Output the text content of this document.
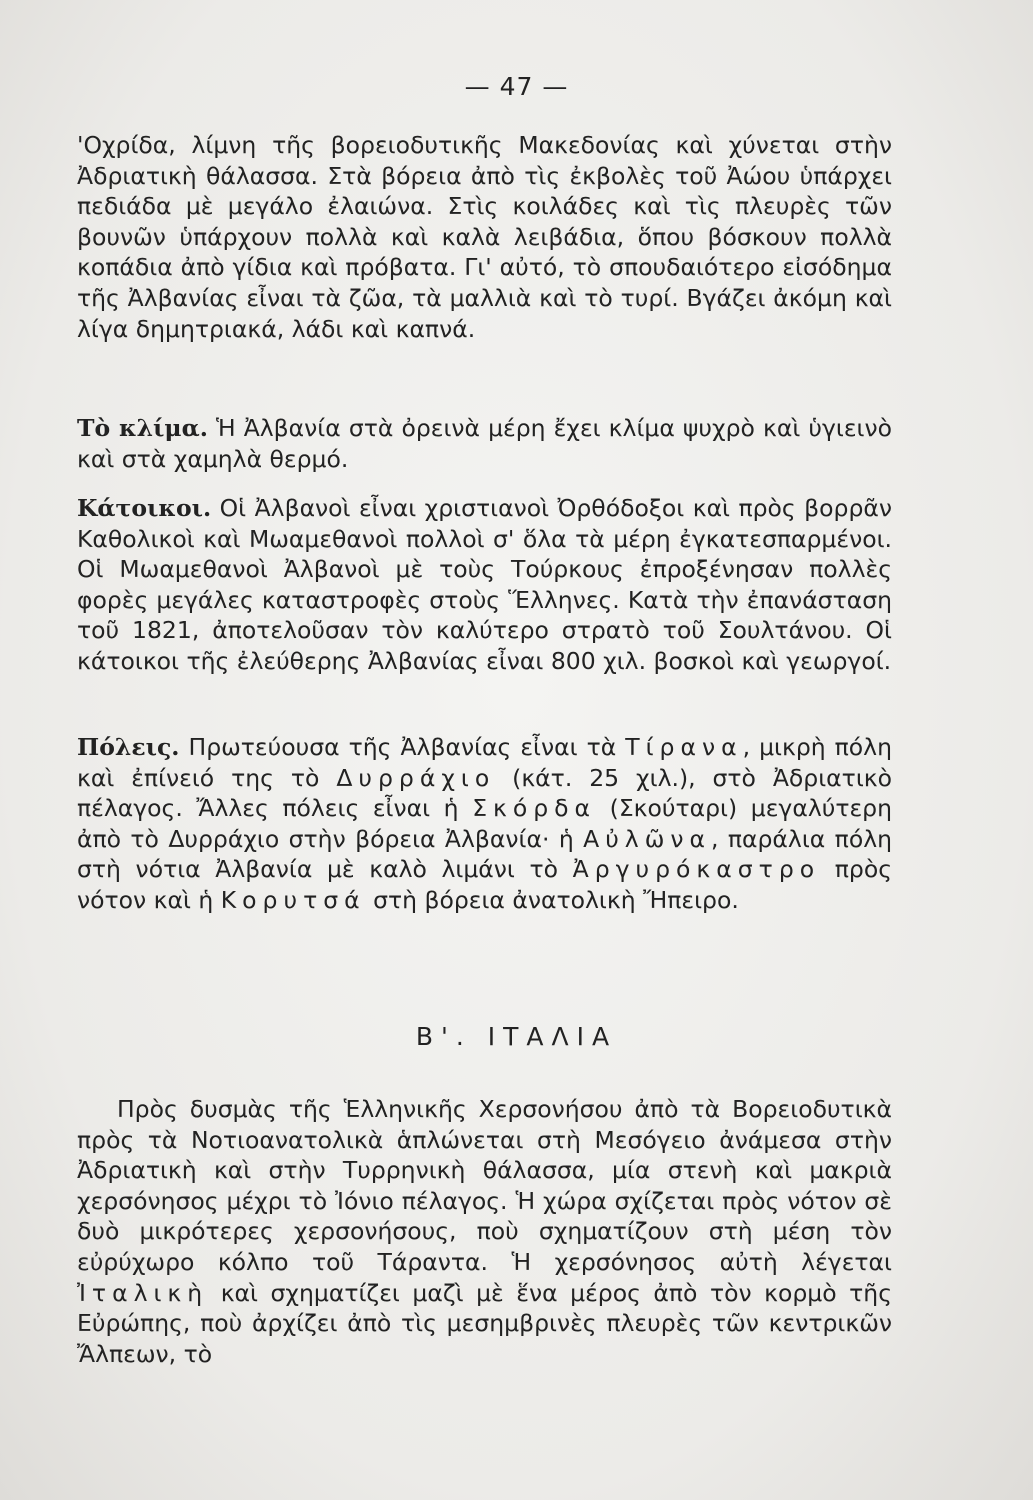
— 47 —

'Οχρίδα, λίμνη τῆς βορειοδυτικῆς Μακεδονίας καὶ χύνεται στὴν Ἀδριατικὴ θάλασσα. Στὰ βόρεια ἀπὸ τὶς ἐκβολὲς τοῦ Ἀώου ὑπάρχει πεδιάδα μὲ μεγάλο ἐλαιώνα. Στὶς κοιλάδες καὶ τὶς πλευρὲς τῶν βουνῶν ὑπάρχουν πολλὰ καὶ καλὰ λειβάδια, ὅπου βόσκουν πολλὰ κοπάδια ἀπὸ γίδια καὶ πρόβατα. Γι' αὐτό, τὸ σπουδαιότερο εἰσόδημα τῆς Ἀλβανίας εἶναι τὰ ζῶα, τὰ μαλλιὰ καὶ τὸ τυρί. Βγάζει ἀκόμη καὶ λίγα δημητριακά, λάδι καὶ καπνά.

Τὸ κλίμα. Ἡ Ἀλβανία στὰ ὀρεινὰ μέρη ἔχει κλίμα ψυχρὸ καὶ ὑγιεινὸ καὶ στὰ χαμηλὰ θερμό.

Κάτοικοι. Οἱ Ἀλβανοὶ εἶναι χριστιανοὶ Ὀρθόδοξοι καὶ πρὸς βορρᾶν Καθολικοὶ καὶ Μωαμεθανοὶ πολλοὶ σ' ὅλα τὰ μέρη ἐγκατεσπαρμένοι. Οἱ Μωαμεθανοὶ Ἀλβανοὶ μὲ τοὺς Τούρκους ἐπροξένησαν πολλὲς φορὲς μεγάλες καταστροφὲς στοὺς Ἕλληνες. Κατὰ τὴν ἐπανάσταση τοῦ 1821, ἀποτελοῦσαν τὸν καλύτερο στρατὸ τοῦ Σουλτάνου. Οἱ κάτοικοι τῆς ἐλεύθερης Ἀλβανίας εἶναι 800 χιλ. βοσκοὶ καὶ γεωργοί.

Πόλεις. Πρωτεύουσα τῆς Ἀλβανίας εἶναι τὰ Τίρανα, μικρὴ πόλη καὶ ἐπίνειό της τὸ Δυρράχιο (κάτ. 25 χιλ.), στὸ Ἀδριατικὸ πέλαγος. Ἄλλες πόλεις εἶναι ἡ Σκόρδα (Σκούταρι) μεγαλύτερη ἀπὸ τὸ Δυρράχιο στὴν βόρεια Ἀλβανία· ἡ Αὐλῶνα, παράλια πόλη στὴ νότια Ἀλβανία μὲ καλὸ λιμάνι τὸ Ἀργυρόκαστρο πρὸς νότον καὶ ἡ Κορυτσά στὴ βόρεια ἀνατολικὴ Ἤπειρο.

Β'. ΙΤΑΛΙΑ

Πρὸς δυσμὰς τῆς Ἑλληνικῆς Χερσονήσου ἀπὸ τὰ Βορειοδυτικὰ πρὸς τὰ Νοτιοανατολικὰ ἁπλώνεται στὴ Μεσόγειο ἀνάμεσα στὴν Ἀδριατικὴ καὶ στὴν Τυρρηνικὴ θάλασσα, μία στενὴ καὶ μακριὰ χερσόνησος μέχρι τὸ Ἰόνιο πέλαγος. Ἡ χώρα σχίζεται πρὸς νότον σὲ δυὸ μικρότερες χερσονήσους, ποὺ σχηματίζουν στὴ μέση τὸν εὐρύχωρο κόλπο τοῦ Τάραντα. Ἡ χερσόνησος αὐτὴ λέγεται Ἰταλικὴ καὶ σχηματίζει μαζὶ μὲ ἕνα μέρος ἀπὸ τὸν κορμὸ τῆς Εὐρώπης, ποὺ ἀρχίζει ἀπὸ τὶς μεσημβρινὲς πλευρὲς τῶν κεντρικῶν Ἄλπεων, τὸ
